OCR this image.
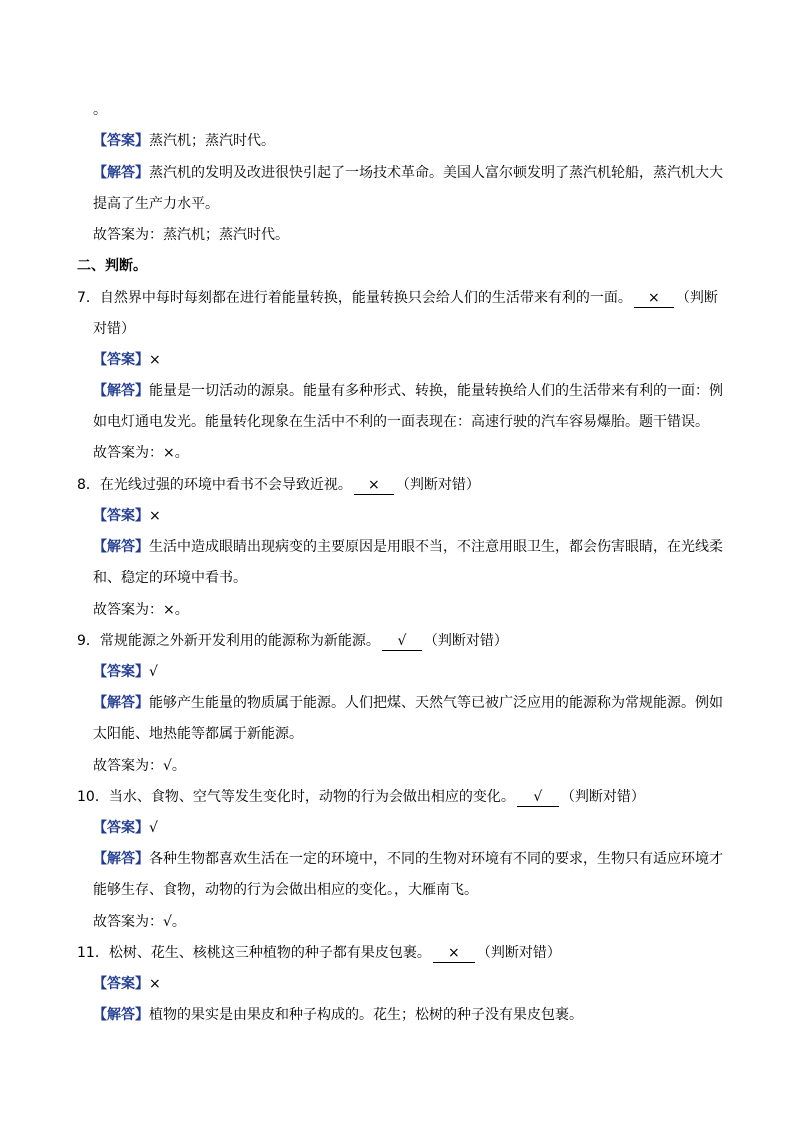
。
【答案】蒸汽机；蒸汽时代。
【解答】蒸汽机的发明及改进很快引起了一场技术革命。美国人富尔顿发明了蒸汽机轮船，蒸汽机大大
提高了生产力水平。
故答案为：蒸汽机；蒸汽时代。
二、判断。
7．自然界中每时每刻都在进行着能量转换，能量转换只会给人们的生活带来有利的一面。 × （判断
对错）
【答案】×
【解答】能量是一切活动的源泉。能量有多种形式、转换，能量转换给人们的生活带来有利的一面：例
如电灯通电发光。能量转化现象在生活中不利的一面表现在：高速行驶的汽车容易爆胎。题干错误。
故答案为：×。
8．在光线过强的环境中看书不会导致近视。 × （判断对错）
【答案】×
【解答】生活中造成眼睛出现病变的主要原因是用眼不当，不注意用眼卫生，都会伤害眼睛，在光线柔
和、稳定的环境中看书。
故答案为：×。
9．常规能源之外新开发利用的能源称为新能源。 √ （判断对错）
【答案】√
【解答】能够产生能量的物质属于能源。人们把煤、天然气等已被广泛应用的能源称为常规能源。例如
太阳能、地热能等都属于新能源。
故答案为：√。
10．当水、食物、空气等发生变化时，动物的行为会做出相应的变化。 √ （判断对错）
【答案】√
【解答】各种生物都喜欢生活在一定的环境中，不同的生物对环境有不同的要求，生物只有适应环境才
能够生存、食物，动物的行为会做出相应的变化。，大雁南飞。
故答案为：√。
11．松树、花生、核桃这三种植物的种子都有果皮包裹。 × （判断对错）
【答案】×
【解答】植物的果实是由果皮和种子构成的。花生；松树的种子没有果皮包裹。
